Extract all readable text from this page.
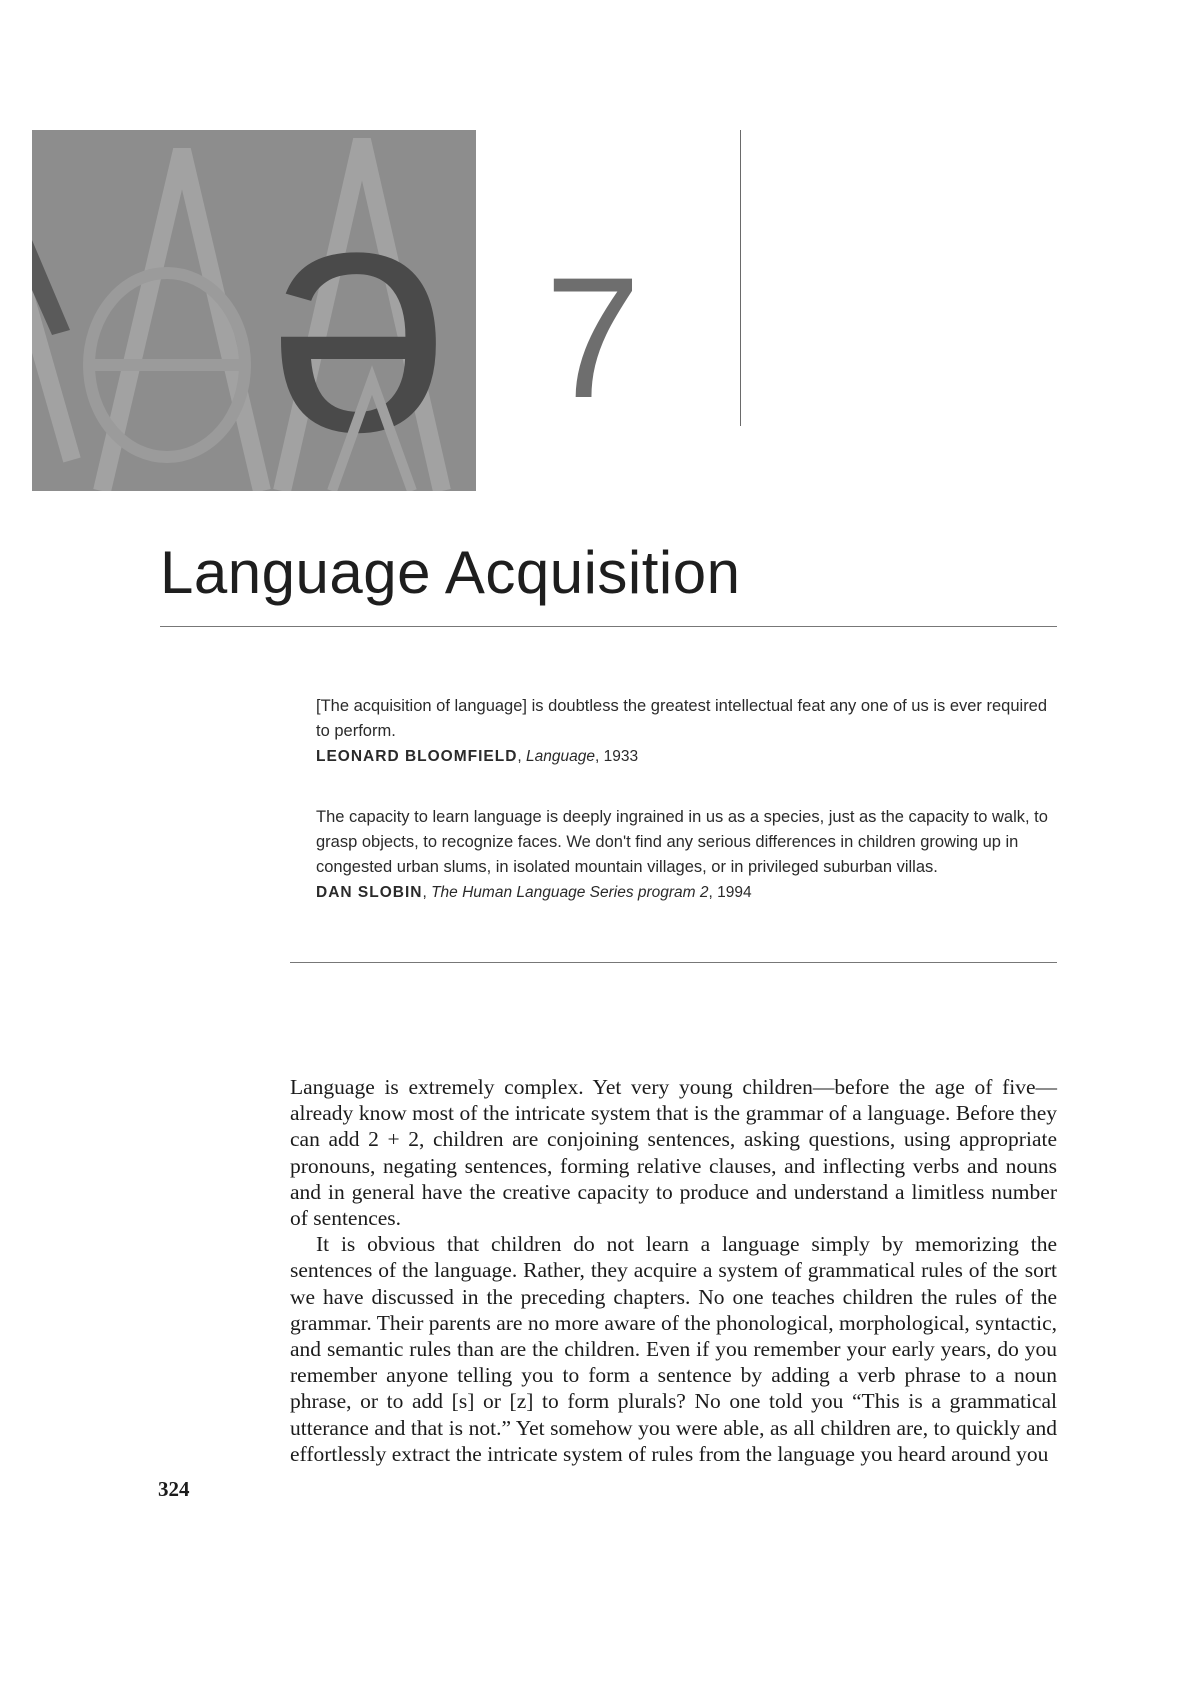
ə 7
Language Acquisition

[The acquisition of language] is doubtless the greatest intellectual feat any one of us is ever required to perform.

LEONARD BLOOMFIELD, Language, 1933

The capacity to learn language is deeply ingrained in us as a species, just as the capacity to walk, to grasp objects, to recognize faces. We don't find any serious differences in children growing up in congested urban slums, in isolated mountain villages, or in privileged suburban villas.

DAN SLOBIN, The Human Language Series program 2, 1994

Language is extremely complex. Yet very young children—before the age of five—already know most of the intricate system that is the grammar of a language. Before they can add 2 + 2, children are conjoining sentences, asking questions, using appropriate pronouns, negating sentences, forming relative clauses, and inflecting verbs and nouns and in general have the creative capacity to produce and understand a limitless number of sentences.

It is obvious that children do not learn a language simply by memorizing the sentences of the language. Rather, they acquire a system of grammatical rules of the sort we have discussed in the preceding chapters. No one teaches children the rules of the grammar. Their parents are no more aware of the phonological, morphological, syntactic, and semantic rules than are the children. Even if you remember your early years, do you remember anyone telling you to form a sentence by adding a verb phrase to a noun phrase, or to add [s] or [z] to form plurals? No one told you “This is a grammatical utterance and that is not.” Yet somehow you were able, as all children are, to quickly and effortlessly extract the intricate system of rules from the language you heard around you

324
